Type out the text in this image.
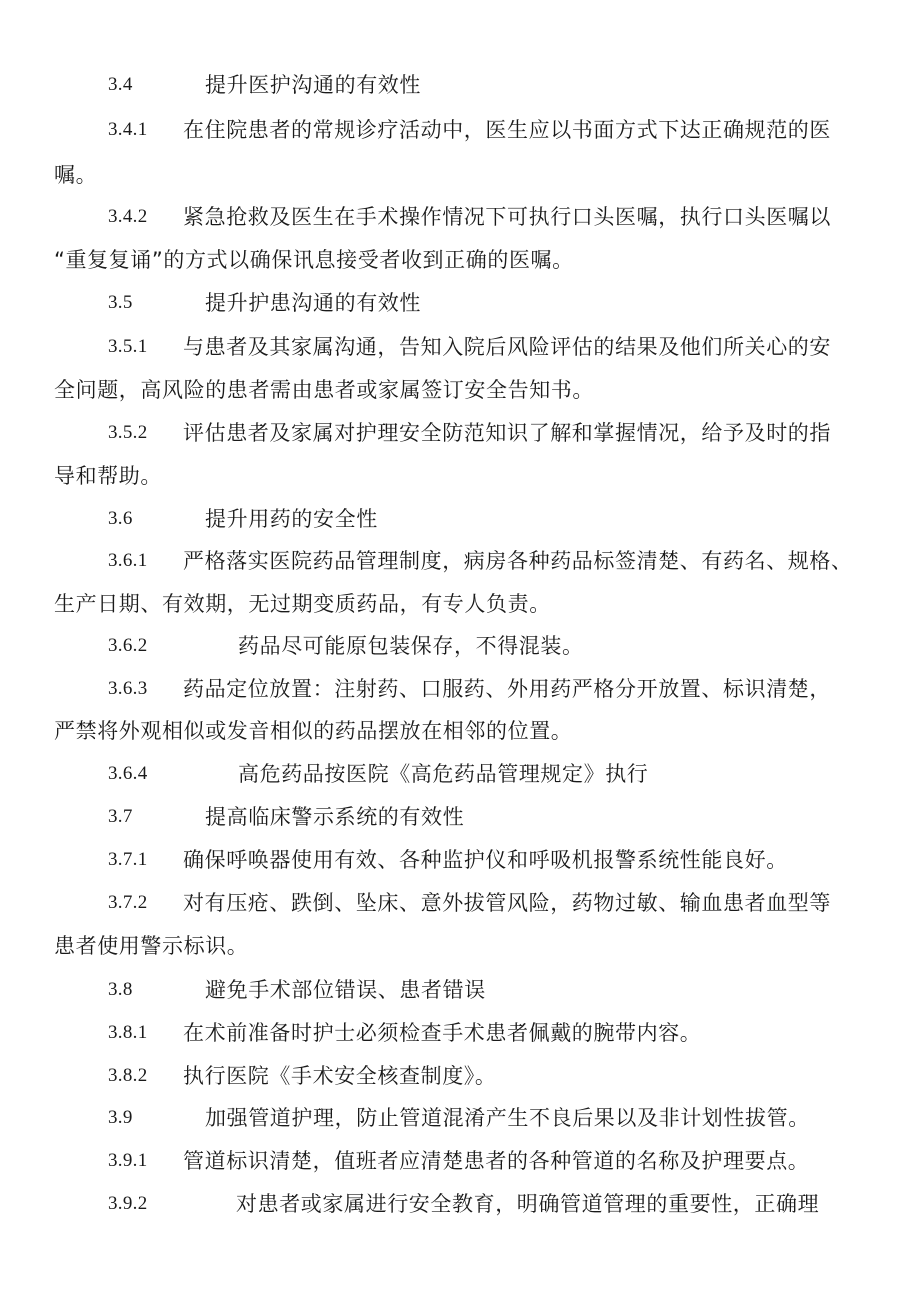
3.4	提升医护沟通的有效性
3.4.1 在住院患者的常规诊疗活动中，医生应以书面方式下达正确规范的医
嘱。
3.4.2 紧急抢救及医生在手术操作情况下可执行口头医嘱，执行口头医嘱以
“重复复诵”的方式以确保讯息接受者收到正确的医嘱。
3.5	提升护患沟通的有效性
3.5.1 与患者及其家属沟通，告知入院后风险评估的结果及他们所关心的安
全问题，高风险的患者需由患者或家属签订安全告知书。
3.5.2 评估患者及家属对护理安全防范知识了解和掌握情况，给予及时的指
导和帮助。
3.6	提升用药的安全性
3.6.1 严格落实医院药品管理制度，病房各种药品标签清楚、有药名、规格、
生产日期、有效期，无过期变质药品，有专人负责。
3.6.2	药品尽可能原包装保存，不得混装。
3.6.3 药品定位放置：注射药、口服药、外用药严格分开放置、标识清楚，
严禁将外观相似或发音相似的药品摆放在相邻的位置。
3.6.4	高危药品按医院《高危药品管理规定》执行
3.7	提高临床警示系统的有效性
3.7.1 确保呼唤器使用有效、各种监护仪和呼吸机报警系统性能良好。
3.7.2 对有压疮、跌倒、坠床、意外拔管风险，药物过敏、输血患者血型等
患者使用警示标识。
3.8	避免手术部位错误、患者错误
3.8.1 在术前准备时护士必须检查手术患者佩戴的腕带内容。
3.8.2 执行医院《手术安全核查制度》。
3.9	加强管道护理，防止管道混淆产生不良后果以及非计划性拔管。
3.9.1 管道标识清楚，值班者应清楚患者的各种管道的名称及护理要点。
3.9.2	对患者或家属进行安全教育，明确管道管理的重要性，正确理
